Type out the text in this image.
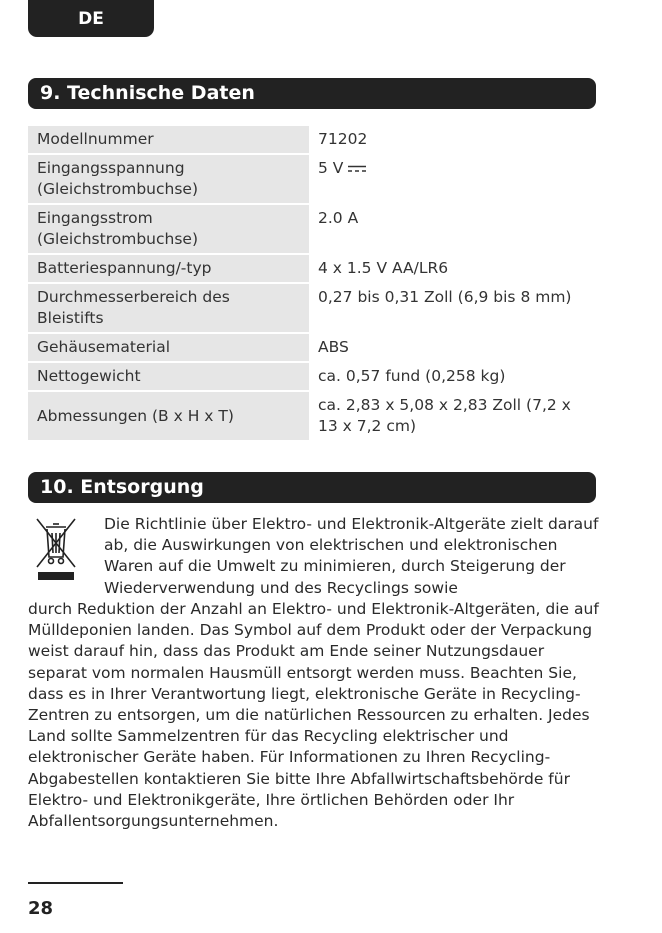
DE
9. Technische Daten
Modellnummer	71202
Eingangsspannung (Gleichstrombuchse)	5 V
Eingangsstrom (Gleichstrombuchse)	2.0 A
Batteriespannung/-typ	4 x 1.5 V AA/LR6
Durchmesserbereich des Bleistifts	0,27 bis 0,31 Zoll (6,9 bis 8 mm)
Gehäusematerial	ABS
Nettogewicht	ca. 0,57 fund (0,258 kg)
Abmessungen (B x H x T)	ca. 2,83 x 5,08 x 2,83 Zoll (7,2 x 13 x 7,2 cm)
10. Entsorgung
Die Richtlinie über Elektro- und Elektronik-Altgeräte zielt darauf ab, die Auswirkungen von elektrischen und elektronischen Waren auf die Umwelt zu minimieren, durch Steigerung der Wiederverwendung und des Recyclings sowie
durch Reduktion der Anzahl an Elektro- und Elektronik-Altgeräten, die auf Mülldeponien landen. Das Symbol auf dem Produkt oder der Verpackung weist darauf hin, dass das Produkt am Ende seiner Nutzungsdauer separat vom normalen Hausmüll entsorgt werden muss. Beachten Sie, dass es in Ihrer Verantwortung liegt, elektronische Geräte in Recycling-Zentren zu entsorgen, um die natürlichen Ressourcen zu erhalten. Jedes Land sollte Sammelzentren für das Recycling elektrischer und elektronischer Geräte haben. Für Informationen zu Ihren Recycling-Abgabestellen kontaktieren Sie bitte Ihre Abfallwirtschaftsbehörde für Elektro- und Elektronikgeräte, Ihre örtlichen Behörden oder Ihr Abfallentsorgungsunternehmen.
28
